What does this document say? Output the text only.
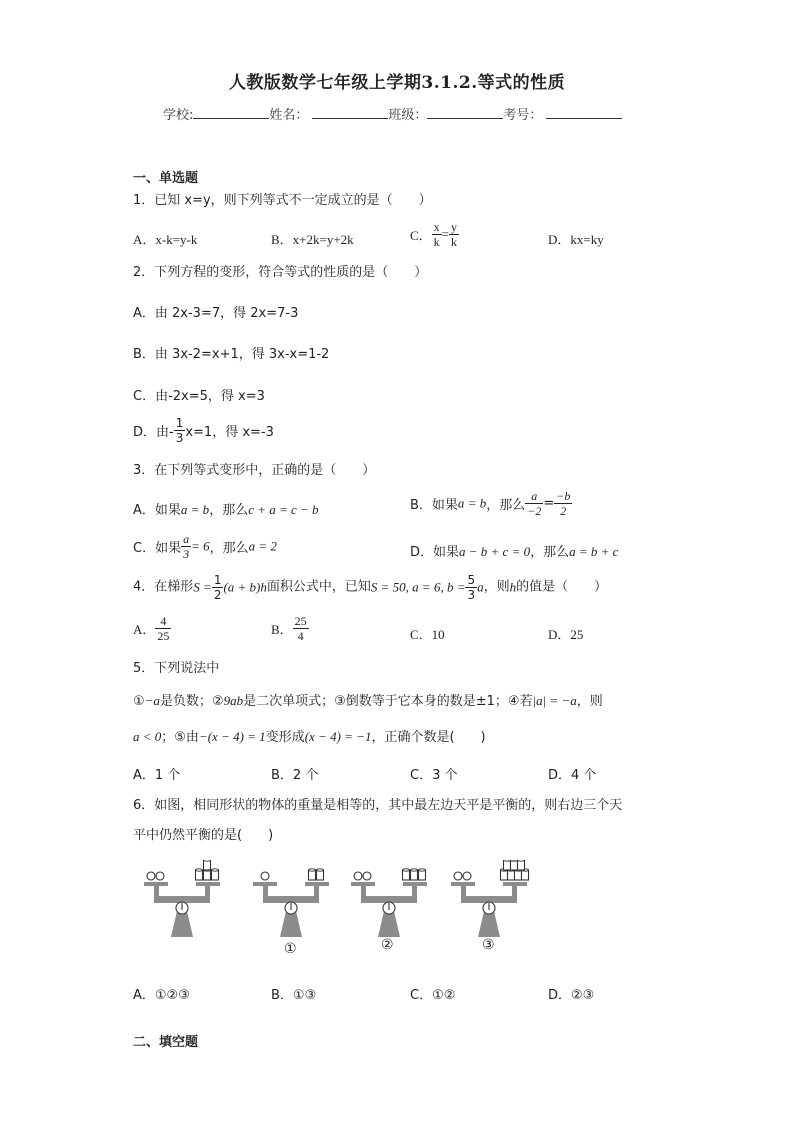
人教版数学七年级上学期3.1.2.等式的性质
学校:	姓名：	班级：	考号：
一、单选题
1．已知 x=y，则下列等式不一定成立的是（　　）
A．x-k=y-k	B．x+2k=y+2k	C． $\frac{x}{k} = \frac{y}{k}$	D．kx=ky
2．下列方程的变形，符合等式的性质的是（　　）
A．由 2x-3=7，得 2x=7-3
B．由 3x-2=x+1，得 3x-x=1-2
C．由-2x=5，得 x=3
D．由- $\frac{1}{3} x=1$，得 x=-3
3．在下列等式变形中，正确的是（　　）
A．如果a = b，那么c + a = c − b	B．如果a = b，那么 $\frac{a}{-2} = \frac{-b}{2}$
C．如果 $\frac{a}{3} = 6$，那么a = 2	D．如果a − b + c = 0，那么a = b + c
4．在梯形$S = \frac{1}{2} (a + b)h$面积公式中，已知S = 50, a = 6, $b = \frac{5}{3}$ a，则h的值是（　　）
A． $\frac{4}{25}$	B． $\frac{25}{4}$	C．10	D．25
5．下列说法中
①−a是负数；②9ab是二次单项式；③倒数等于它本身的数是±1；④若|a| = −a，则
a < 0；⑤由−(x − 4) = 1变形成(x − 4) = −1，正确个数是(　　)
A．1 个	B．2 个	C．3 个	D．4 个
6．如图，相同形状的物体的重量是相等的，其中最左边天平是平衡的，则右边三个天
平中仍然平衡的是(　　)
①	②	③
A．①②③	B．①③	C．①②	D．②③
二、填空题
